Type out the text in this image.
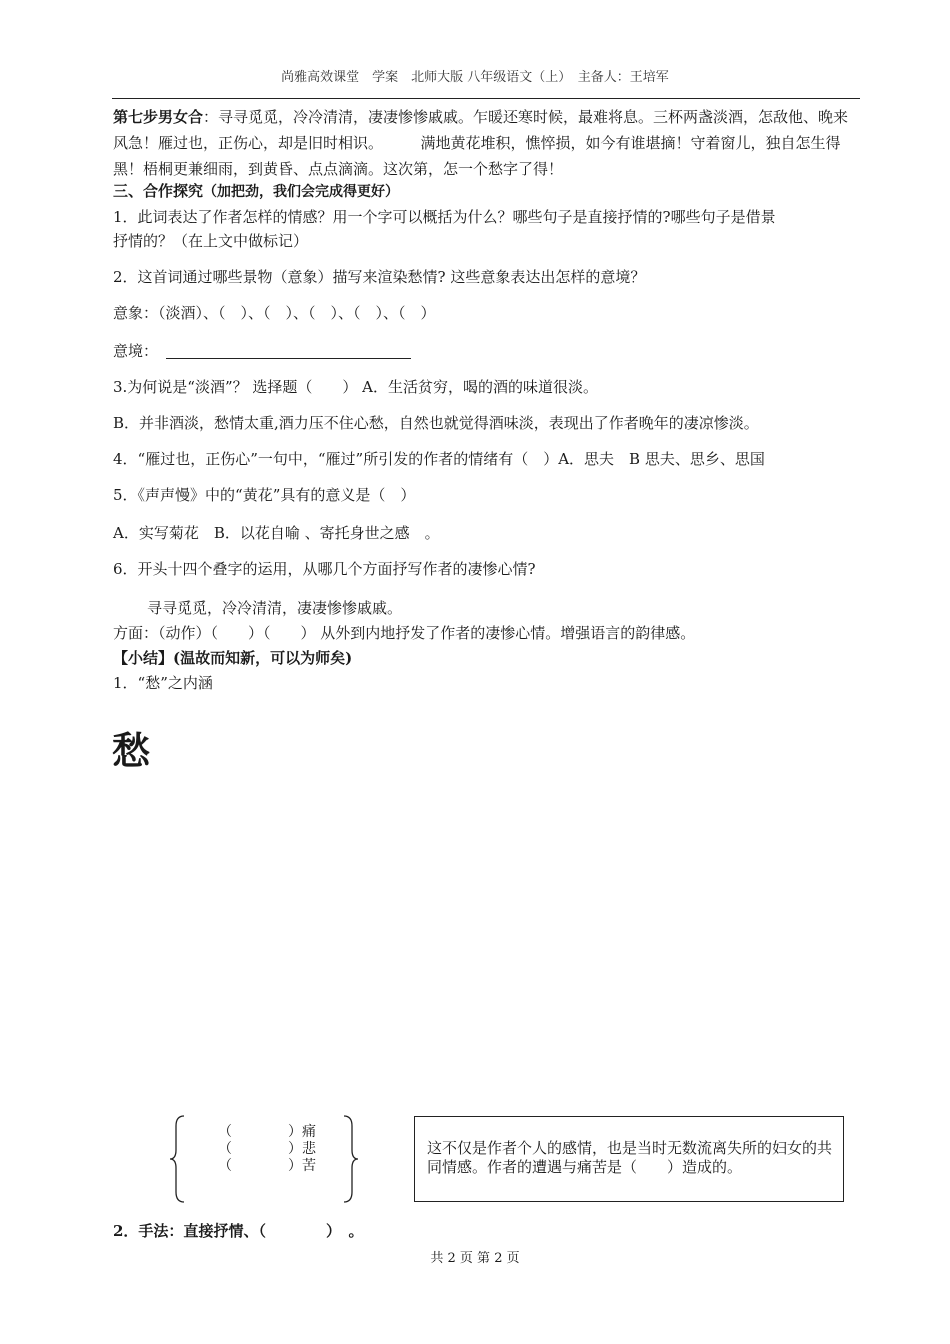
尚雅高效课堂　学案　北师大版 八年级语文（上）　主备人：王培军
第七步男女合：寻寻觅觅，冷冷清清，凄凄惨惨戚戚。乍暖还寒时候，最难将息。三杯两盏淡酒，怎敌他、晚来风急！雁过也，正伤心，却是旧时相识。　　　满地黄花堆积，憔悴损，如今有谁堪摘！守着窗儿，独自怎生得黑！梧桐更兼细雨，到黄昏、点点滴滴。这次第，怎一个愁字了得！
三、合作探究（加把劲，我们会完成得更好）
1．此词表达了作者怎样的情感？用一个字可以概括为什么？哪些句子是直接抒情的?哪些句子是借景
抒情的？（在上文中做标记）
2．这首词通过哪些景物（意象）描写来渲染愁情? 这些意象表达出怎样的意境？
意象：（淡酒）、（　）、（　）、（　）、（　）、（　）
意境：
3.为何说是“淡酒”？ 选择题（　　） A．生活贫穷，喝的酒的味道很淡。
B．并非酒淡，愁情太重,酒力压不住心愁，自然也就觉得酒味淡，表现出了作者晚年的凄凉惨淡。
4．“雁过也，正伤心”一句中，“雁过”所引发的作者的情绪有（　）A．思夫　B 思夫、思乡、思国
5．《声声慢》中的“黄花”具有的意义是（　）
A．实写菊花　B．以花自喻 、寄托身世之感　。
6．开头十四个叠字的运用，从哪几个方面抒写作者的凄惨心情?
寻寻觅觅，冷冷清清，凄凄惨惨戚戚。
方面：（动作）（　　）（　　） 从外到内地抒发了作者的凄惨心情。增强语言的韵律感。
【小结】(温故而知新，可以为师矣)
1．“愁”之内涵
愁
（　　　　）痛
（　　　　）悲
（　　　　）苦
这不仅是作者个人的感情，也是当时无数流离失所的妇女的共同情感。作者的遭遇与痛苦是（　　）造成的。
2．手法：直接抒情、（　　　　）　。
共 2 页 第 2 页
